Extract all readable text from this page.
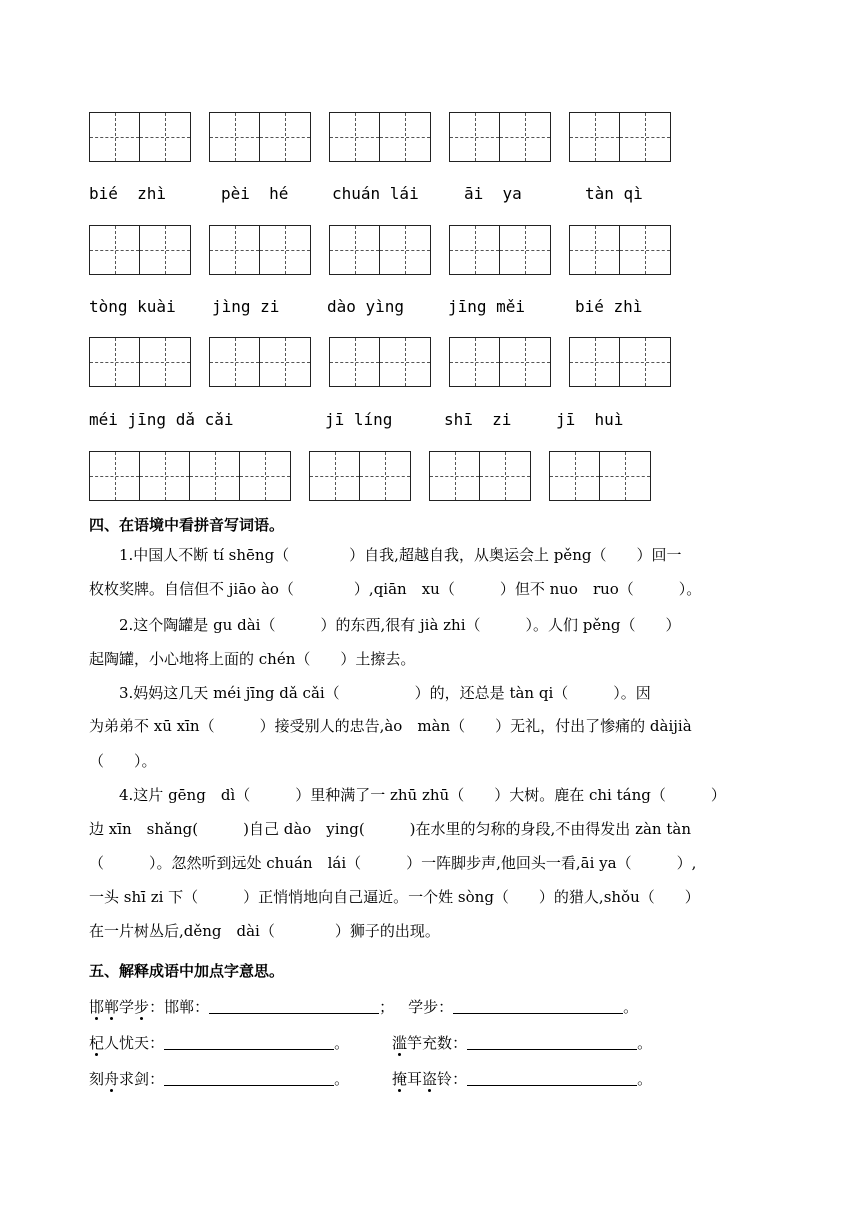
bié  zhì	pèi  hé	chuán lái	āi  ya	tàn qì
tòng kuài jìng zi	dào yìng	jīng měi	bié zhì
méi jīng dǎ cǎi	jī líng	shī  zi	jī  huì
四、在语境中看拼音写词语。
　　1.中国人不断 tí shēng（　　　　）自我,超越自我，从奥运会上 pěng（　　）回一
枚枚奖牌。自信但不 jiāo ào（　　　　）,qiān　xu（　　　）但不 nuo　ruo（　　　）。
　　2.这个陶罐是 gu dài（　　　）的东西,很有 jià zhi（　　　）。人们 pěng（　　）
起陶罐，小心地将上面的 chén（　　）土擦去。
　　3.妈妈这几天 méi jīng dǎ cǎi（　　　　　）的，还总是 tàn qi（　　　）。因
为弟弟不 xū xīn（　　　）接受别人的忠告,ào　màn（　　）无礼，付出了惨痛的 dàijià
（　　）。
　　4.这片 gēng　dì（　　　）里种满了一 zhū zhū（　　）大树。鹿在 chi táng（　　　）
边 xīn　shǎng(　　　)自己 dào　ying(　　　)在水里的匀称的身段,不由得发出 zàn tàn
（　　　）。忽然听到远处 chuán　lái（　　　）一阵脚步声,他回头一看,āi ya（　　　）,
一头 shī zi 下（　　　）正悄悄地向自己逼近。一个姓 sòng（　　）的猎人,shǒu（　　）
在一片树丛后,děng　dài（　　　　）狮子的出现。
五、解释成语中加点字意思。
邯郸学步：邯郸：	； 学步：	。
杞人忧天：	。	滥竽充数：	。
刻舟求剑：	。	掩耳盗铃：	。
